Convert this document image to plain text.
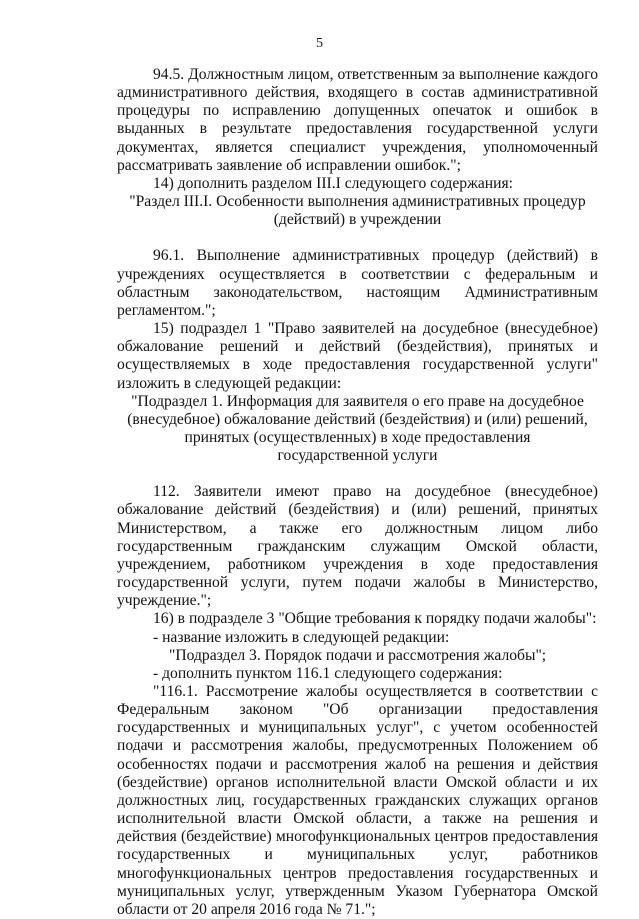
5

94.5. Должностным лицом, ответственным за выполнение каждого административного действия, входящего в состав административной процедуры по исправлению допущенных опечаток и ошибок в выданных в результате предоставления государственной услуги документах, является специалист учреждения, уполномоченный рассматривать заявление об исправлении ошибок.";

14) дополнить разделом III.I следующего содержания:

"Раздел III.I. Особенности выполнения административных процедур

(действий) в учреждении

96.1. Выполнение административных процедур (действий) в учреждениях осуществляется в соответствии с федеральным и областным законодательством, настоящим Административным регламентом.";

15) подраздел 1 "Право заявителей на досудебное (внесудебное) обжалование решений и действий (бездействия), принятых и осуществляемых в ходе предоставления государственной услуги" изложить в следующей редакции:

"Подраздел 1. Информация для заявителя о его праве на досудебное

(внесудебное) обжалование действий (бездействия) и (или) решений,

принятых (осуществленных) в ходе предоставления

государственной услуги

112. Заявители имеют право на досудебное (внесудебное) обжалование действий (бездействия) и (или) решений, принятых Министерством, а также его должностным лицом либо государственным гражданским служащим Омской области, учреждением, работником учреждения в ходе предоставления государственной услуги, путем подачи жалобы в Министерство, учреждение.";

16) в подразделе 3 "Общие требования к порядку подачи жалобы":

- название изложить в следующей редакции:

"Подраздел 3. Порядок подачи и рассмотрения жалобы";

- дополнить пунктом 116.1 следующего содержания:

"116.1. Рассмотрение жалобы осуществляется в соответствии с Федеральным законом "Об организации предоставления государственных и муниципальных услуг", с учетом особенностей подачи и рассмотрения жалобы, предусмотренных Положением об особенностях подачи и рассмотрения жалоб на решения и действия (бездействие) органов исполнительной власти Омской области и их должностных лиц, государственных гражданских служащих органов исполнительной власти Омской области, а также на решения и действия (бездействие) многофункциональных центров предоставления государственных и муниципальных услуг, работников многофункциональных центров предоставления государственных и муниципальных услуг, утвержденным Указом Губернатора Омской области от 20 апреля 2016 года № 71.";
